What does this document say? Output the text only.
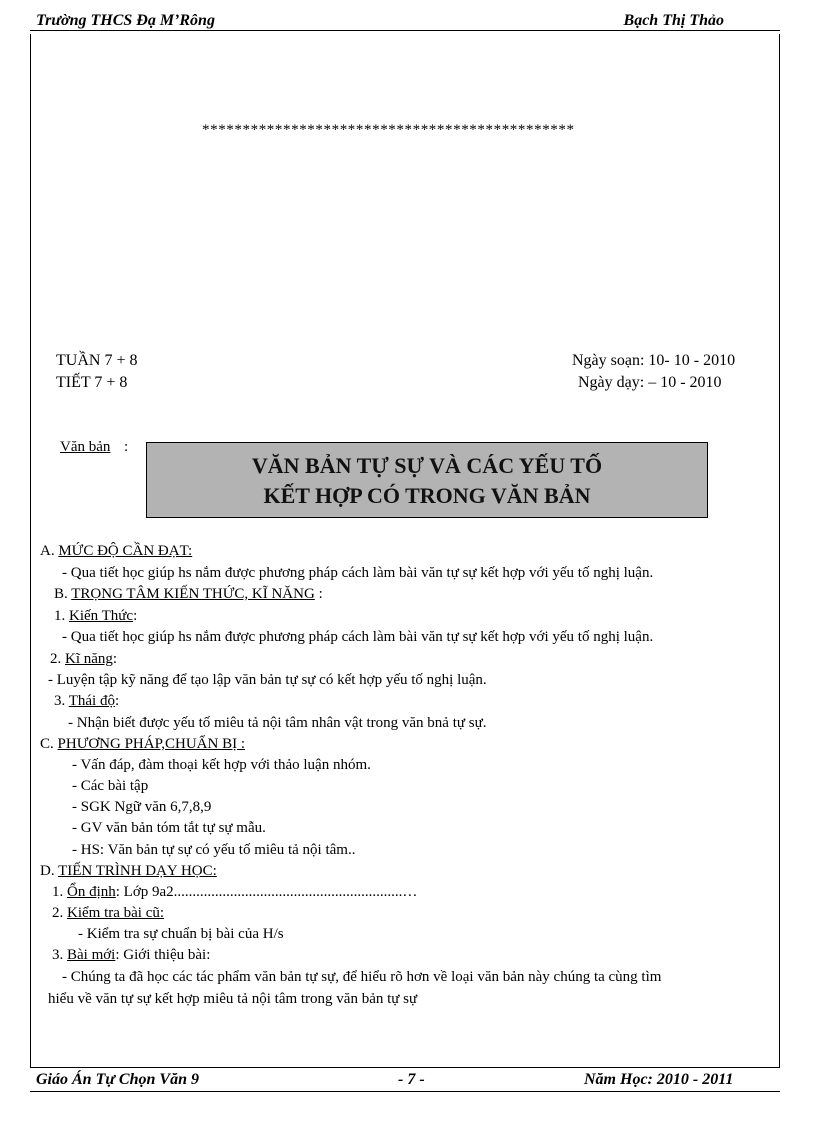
Trường THCS Đạ M’Rông	Bạch Thị Thảo
**********************************************
TUẦN 7 + 8
TIẾT 7 + 8
Ngày soạn: 10- 10 - 2010
Ngày dạy: – 10 - 2010
Văn bản :
VĂN BẢN TỰ SỰ VÀ CÁC YẾU TỐ
KẾT HỢP CÓ TRONG VĂN BẢN
A. MỨC ĐỘ CẦN ĐẠT:
- Qua tiết học giúp hs nắm được phương pháp cách làm bài văn tự sự kết hợp với yếu tố nghị luận.
B. TRỌNG TÂM KIẾN THỨC, KĨ NĂNG :
1. Kiến Thức:
- Qua tiết học giúp hs nắm được phương pháp cách làm bài văn tự sự kết hợp với yếu tố nghị luận.
2. Kĩ năng:
- Luyện tập kỹ năng để tạo lập văn bản tự sự có kết hợp yếu tố nghị luận.
3. Thái độ:
- Nhận biết được yếu tố miêu tả nội tâm nhân vật trong văn bnả tự sự.
C. PHƯƠNG PHÁP,CHUẨN BỊ :
- Vấn đáp, đàm thoại kết hợp với thảo luận nhóm.
- Các bài tập
- SGK Ngữ văn 6,7,8,9
- GV văn bản tóm tắt tự sự mẫu.
- HS: Văn bản tự sự có yếu tố miêu tả nội tâm..
D. TIẾN TRÌNH DẠY HỌC:
1. Ổn định: Lớp 9a2.............................................................…
2. Kiểm tra bài cũ:
- Kiểm tra sự chuẩn bị bài của H/s
3. Bài mới: Giới thiệu bài:
- Chúng ta đã học các tác phẩm văn bản tự sự, để hiểu rõ hơn về loại văn bản này chúng ta cùng tìm
hiểu về văn tự sự kết hợp miêu tả nội tâm trong văn bản tự sự
Giáo Án Tự Chọn Văn 9	- 7 -	Năm Học: 2010 - 2011
